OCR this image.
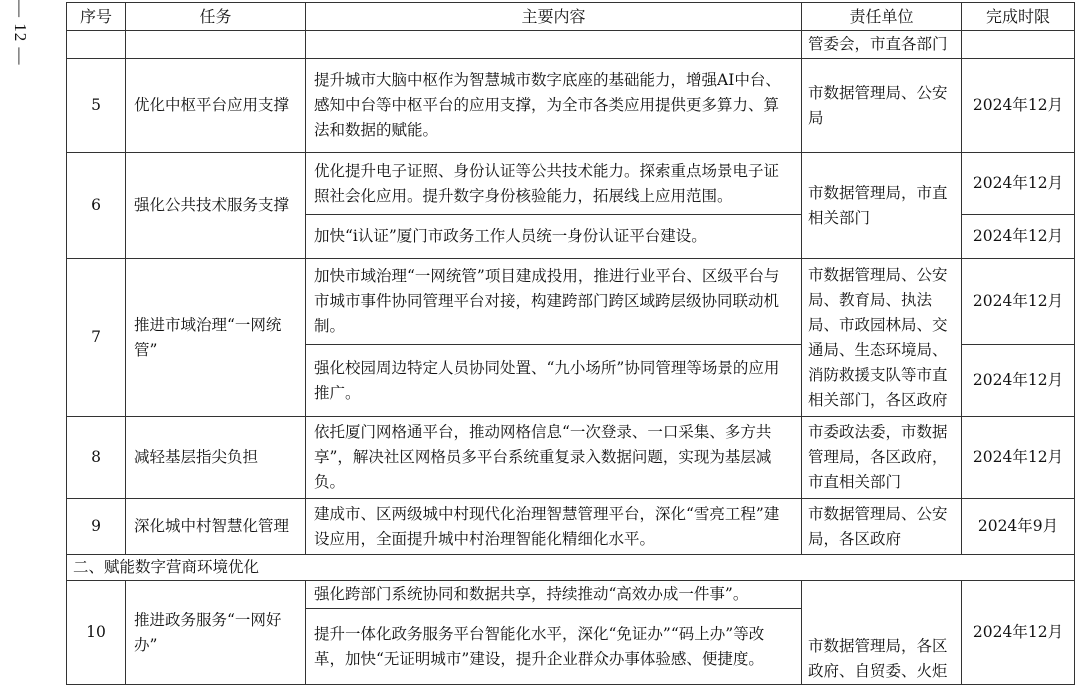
— 12 —	序号	任务	主要内容	责任单位	完成时限
			管委会，市直各部门	
5	优化中枢平台应用支撑	提升城市大脑中枢作为智慧城市数字底座的基础能力，增强AI中台、感知中台等中枢平台的应用支撑，为全市各类应用提供更多算力、算法和数据的赋能。	市数据管理局、公安局	2024年12月
6	强化公共技术服务支撑	优化提升电子证照、身份认证等公共技术能力。探索重点场景电子证照社会化应用。提升数字身份核验能力，拓展线上应用范围。	市数据管理局，市直相关部门	2024年12月
		加快“i认证”厦门市政务工作人员统一身份认证平台建设。		2024年12月
7	推进市域治理“一网统管”	加快市域治理“一网统管”项目建成投用，推进行业平台、区级平台与市城市事件协同管理平台对接，构建跨部门跨区域跨层级协同联动机制。	市数据管理局、公安局、教育局、执法局、市政园林局、交通局、生态环境局、消防救援支队等市直相关部门，各区政府	2024年12月
		强化校园周边特定人员协同处置、“九小场所”协同管理等场景的应用推广。		2024年12月
8	减轻基层指尖负担	依托厦门网格通平台，推动网格信息“一次登录、一口采集、多方共享”，解决社区网格员多平台系统重复录入数据问题，实现为基层减负。	市委政法委，市数据管理局，各区政府，市直相关部门	2024年12月
9	深化城中村智慧化管理	建成市、区两级城中村现代化治理智慧管理平台，深化“雪亮工程”建设应用，全面提升城中村治理智能化精细化水平。	市数据管理局、公安局，各区政府	2024年9月
二、赋能数字营商环境优化				
10	推进政务服务“一网好办”	强化跨部门系统协同和数据共享，持续推动“高效办成一件事”。	市数据管理局，各区政府、自贸委、火炬	2024年12月
		提升一体化政务服务平台智能化水平，深化“免证办”“码上办”等改革，加快“无证明城市”建设，提升企业群众办事体验感、便捷度。		
